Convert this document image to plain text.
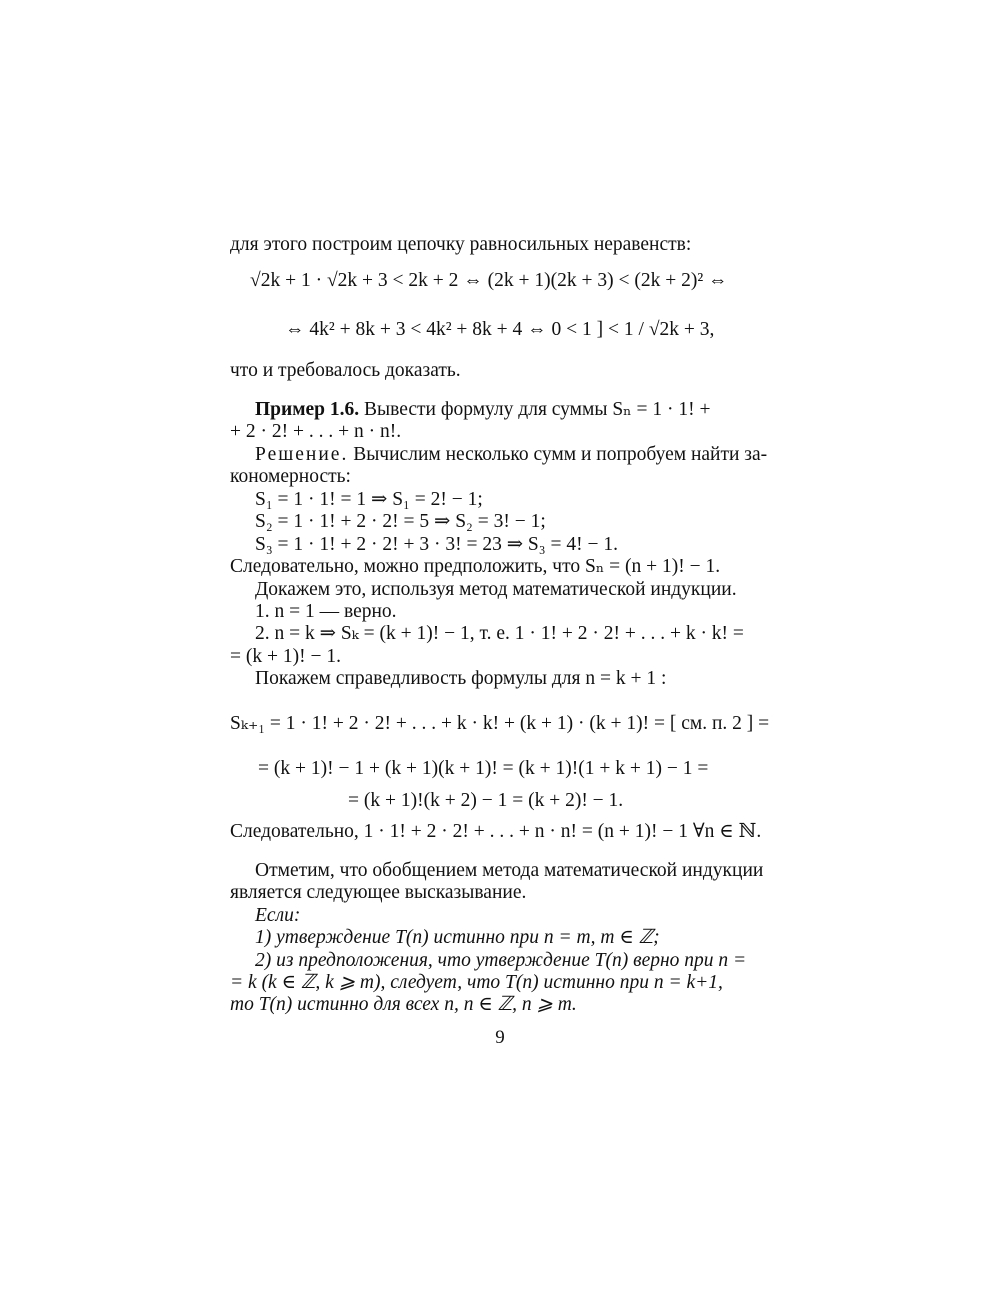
для этого построим цепочку равносильных неравенств:
√2k + 1 · √2k + 3 < 2k + 2 ⇔ (2k + 1)(2k + 3) < (2k + 2)² ⇔
⇔ 4k² + 8k + 3 < 4k² + 8k + 4 ⇔ 0 < 1 ] < 1 / √2k + 3,
что и требовалось доказать.
Пример 1.6. Вывести формулу для суммы Sₙ = 1 · 1! +
+ 2 · 2! + . . . + n · n!.
Решение. Вычислим несколько сумм и попробуем найти за-
кономерность:
S₁ = 1 · 1! = 1 ⇒ S₁ = 2! − 1;
S₂ = 1 · 1! + 2 · 2! = 5 ⇒ S₂ = 3! − 1;
S₃ = 1 · 1! + 2 · 2! + 3 · 3! = 23 ⇒ S₃ = 4! − 1.
Следовательно, можно предположить, что Sₙ = (n + 1)! − 1.
Докажем это, используя метод математической индукции.
1. n = 1 — верно.
2. n = k ⇒ Sₖ = (k + 1)! − 1, т. е. 1 · 1! + 2 · 2! + . . . + k · k! =
= (k + 1)! − 1.
Покажем справедливость формулы для n = k + 1 :
Sₖ₊₁ = 1 · 1! + 2 · 2! + . . . + k · k! + (k + 1) · (k + 1)! = [ см. п. 2 ] =
= (k + 1)! − 1 + (k + 1)(k + 1)! = (k + 1)!(1 + k + 1) − 1 =
= (k + 1)!(k + 2) − 1 = (k + 2)! − 1.
Следовательно, 1 · 1! + 2 · 2! + . . . + n · n! = (n + 1)! − 1 ∀n ∈ ℕ.
Отметим, что обобщением метода математической индукции
является следующее высказывание.
Если:
1) утверждение T(n) истинно при n = m, m ∈ ℤ;
2) из предположения, что утверждение T(n) верно при n =
= k (k ∈ ℤ, k ⩾ m), следует, что T(n) истинно при n = k+1,
то T(n) истинно для всех n, n ∈ ℤ, n ⩾ m.
9
